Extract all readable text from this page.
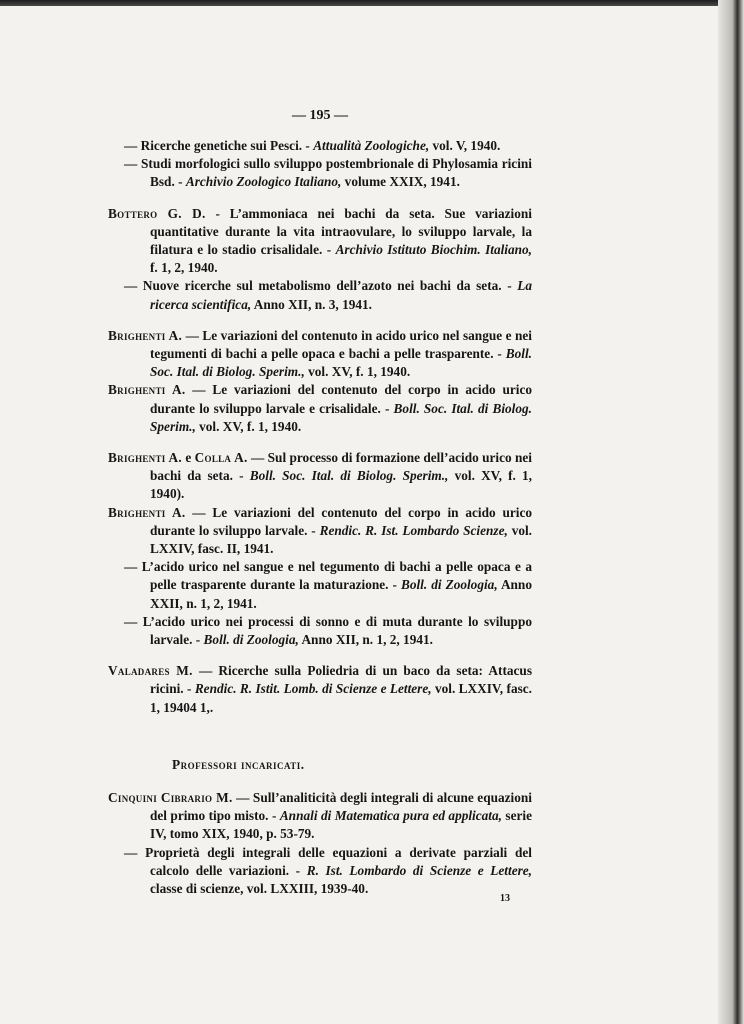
— 195 —

— Ricerche genetiche sui Pesci. - Attualità Zoologiche, vol. V, 1940.

— Studi morfologici sullo sviluppo postembrionale di Phylosamia ricini Bsd. - Archivio Zoologico Italiano, volume XXIX, 1941.

Bottero G. D. - L’ammoniaca nei bachi da seta. Sue variazioni quantitative durante la vita intraovulare, lo sviluppo larvale, la filatura e lo stadio crisalidale. - Archivio Istituto Biochim. Italiano, f. 1, 2, 1940.

— Nuove ricerche sul metabolismo dell’azoto nei bachi da seta. - La ricerca scientifica, Anno XII, n. 3, 1941.

Brighenti A. — Le variazioni del contenuto in acido urico nel sangue e nei tegumenti di bachi a pelle opaca e bachi a pelle trasparente. - Boll. Soc. Ital. di Biolog. Sperim., vol. XV, f. 1, 1940.

Brighenti A. — Le variazioni del contenuto del corpo in acido urico durante lo sviluppo larvale e crisalidale. - Boll. Soc. Ital. di Biolog. Sperim., vol. XV, f. 1, 1940.

Brighenti A. e Colla A. — Sul processo di formazione dell’acido urico nei bachi da seta. - Boll. Soc. Ital. di Biolog. Sperim., vol. XV, f. 1, 1940).

Brighenti A. — Le variazioni del contenuto del corpo in acido urico durante lo sviluppo larvale. - Rendic. R. Ist. Lombardo Scienze, vol. LXXIV, fasc. II, 1941.

— L’acido urico nel sangue e nel tegumento di bachi a pelle opaca e a pelle trasparente durante la maturazione. - Boll. di Zoologia, Anno XXII, n. 1, 2, 1941.

— L’acido urico nei processi di sonno e di muta durante lo sviluppo larvale. - Boll. di Zoologia, Anno XII, n. 1, 2, 1941.

Valadares M. — Ricerche sulla Poliedria di un baco da seta: Attacus ricini. - Rendic. R. Istit. Lomb. di Scienze e Lettere, vol. LXXIV, fasc. 1, 19404 1,.

Professori incaricati.

Cinquini Cibrario M. — Sull’analiticità degli integrali di alcune equazioni del primo tipo misto. - Annali di Matematica pura ed applicata, serie IV, tomo XIX, 1940, p. 53-79.

— Proprietà degli integrali delle equazioni a derivate parziali del calcolo delle variazioni. - R. Ist. Lombardo di Scienze e Lettere, classe di scienze, vol. LXXIII, 1939-40.

13
